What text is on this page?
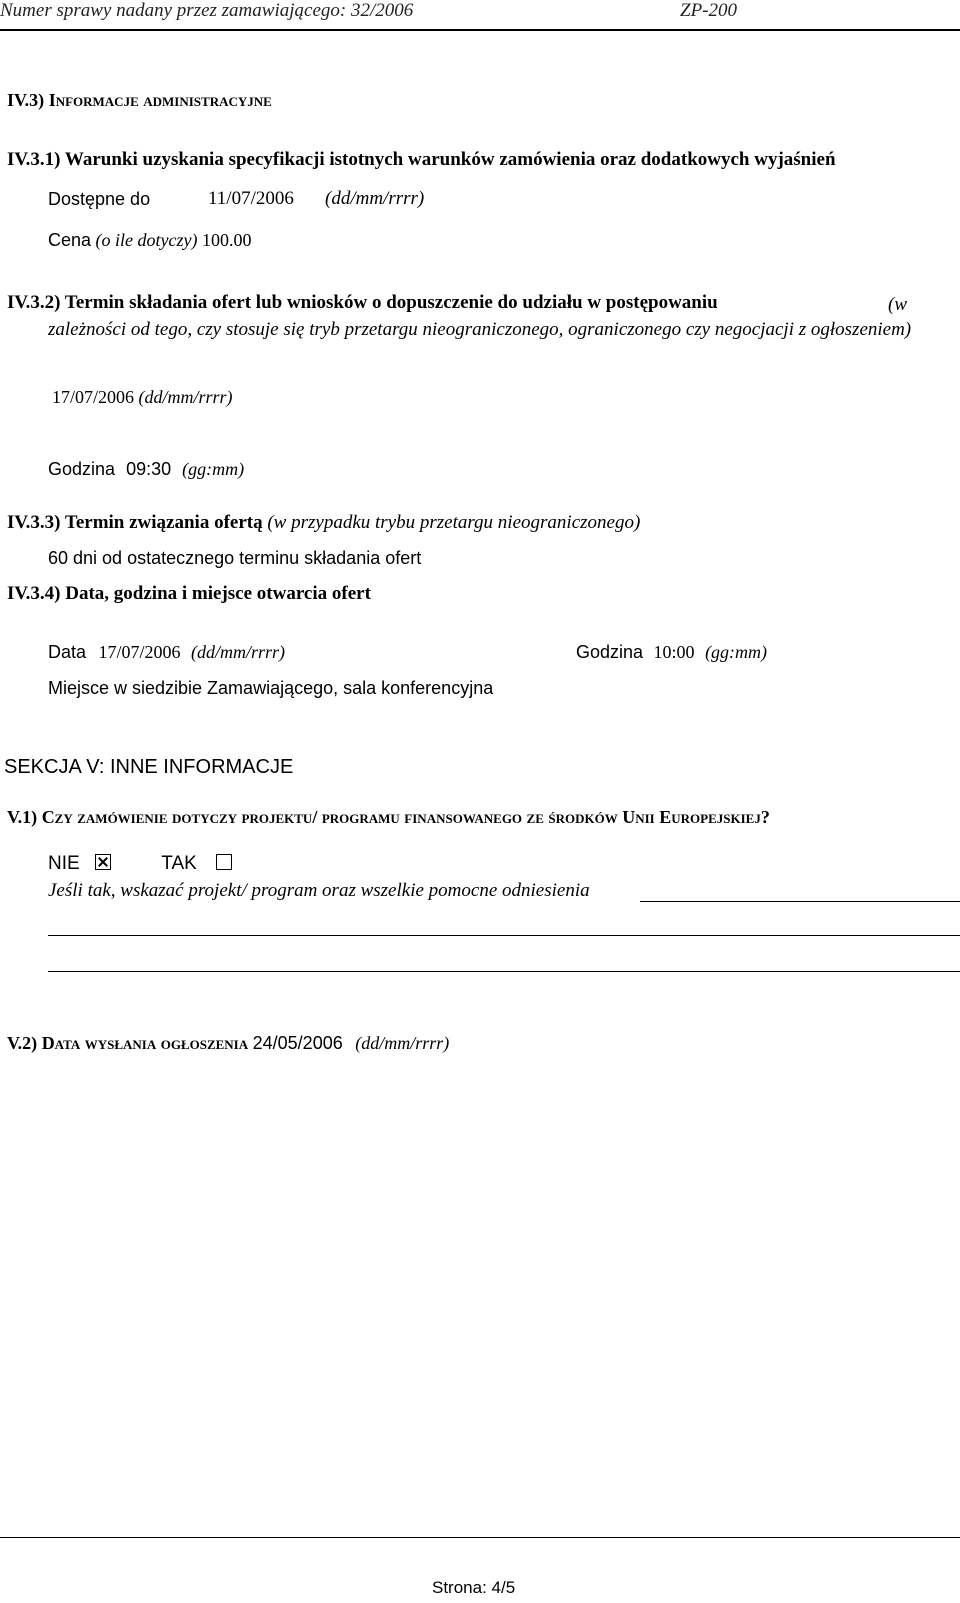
Numer sprawy nadany przez zamawiającego: 32/2006	ZP-200
IV.3) Informacje administracyjne
IV.3.1) Warunki uzyskania specyfikacji istotnych warunków zamówienia oraz dodatkowych wyjaśnień
Dostępne do	11/07/2006 (dd/mm/rrrr)
Cena (o ile dotyczy) 100.00
IV.3.2) Termin składania ofert lub wniosków o dopuszczenie do udziału w postępowaniu	(w zależności od tego, czy stosuje się tryb przetargu nieograniczonego, ograniczonego czy negocjacji z ogłoszeniem)
17/07/2006 (dd/mm/rrrr)
Godzina 09:30 (gg:mm)
IV.3.3) Termin związania ofertą (w przypadku trybu przetargu nieograniczonego)
60 dni od ostatecznego terminu składania ofert
IV.3.4) Data, godzina i miejsce otwarcia ofert
Data 17/07/2006 (dd/mm/rrrr)	Godzina 10:00 (gg:mm)
Miejsce w siedzibie Zamawiającego, sala konferencyjna
SEKCJA V: INNE INFORMACJE
V.1) Czy zamówienie dotyczy projektu/ programu finansowanego ze środków Unii Europejskiej?
NIE	TAK
Jeśli tak, wskazać projekt/ program oraz wszelkie pomocne odniesienia
V.2) Data wysłania ogłoszenia 24/05/2006 (dd/mm/rrrr)
Strona: 4/5
